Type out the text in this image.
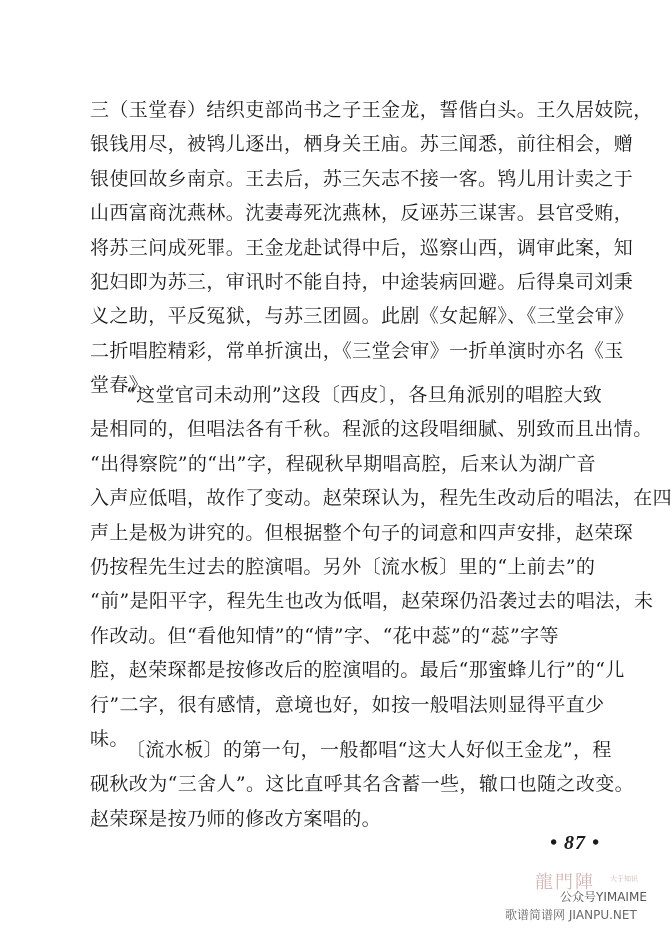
三（玉堂春）结织吏部尚书之子王金龙，誓偕白头。王久居妓院，
银钱用尽，被鸨儿逐出，栖身关王庙。苏三闻悉，前往相会，赠
银使回故乡南京。王去后，苏三矢志不接一客。鸨儿用计卖之于
山西富商沈燕林。沈妻毒死沈燕林，反诬苏三谋害。县官受贿，
将苏三问成死罪。王金龙赴试得中后，巡察山西，调审此案，知
犯妇即为苏三，审讯时不能自持，中途装病回避。后得臬司刘秉
义之助，平反冤狱，与苏三团圆。此剧《女起解》、《三堂会审》
二折唱腔精彩，常单折演出，《三堂会审》一折单演时亦名《玉
堂春》。
“这堂官司未动刑”这段〔西皮〕，各旦角派别的唱腔大致
是相同的，但唱法各有千秋。程派的这段唱细腻、别致而且出情。
“出得察院”的“出”字，程砚秋早期唱高腔，后来认为湖广音
入声应低唱，故作了变动。赵荣琛认为，程先生改动后的唱法，在四
声上是极为讲究的。但根据整个句子的词意和四声安排，赵荣琛
仍按程先生过去的腔演唱。另外〔流水板〕里的“上前去”的
“前”是阳平字，程先生也改为低唱，赵荣琛仍沿袭过去的唱法，未
作改动。但“看他知情”的“情”字、“花中蕊”的“蕊”字等
腔，赵荣琛都是按修改后的腔演唱的。最后“那蜜蜂儿行”的“儿
行”二字，很有感情，意境也好，如按一般唱法则显得平直少
味。
〔流水板〕的第一句，一般都唱“这大人好似王金龙”，程
砚秋改为“三舍人”。这比直呼其名含蓄一些，辙口也随之改变。
赵荣琛是按乃师的修改方案唱的。
• 87 •
龍門陣 大于知识
公众号YIMAIME
歌谱简谱网 JIANPU.NET
